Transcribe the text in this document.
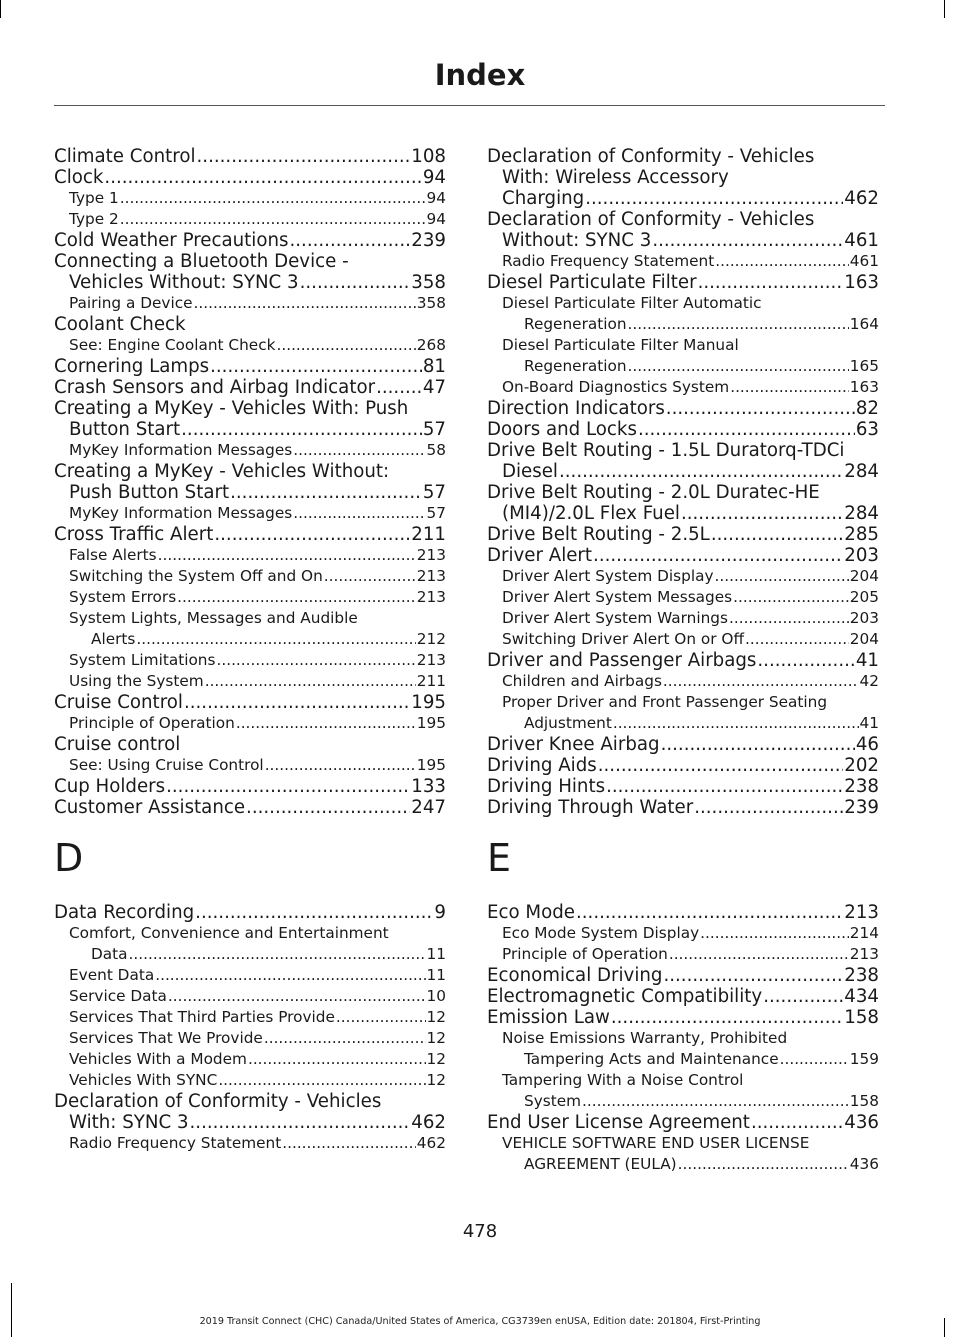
Index
Climate Control .....	108
Clock .....	94
Type 1 .....	94
Type 2 .....	94
Cold Weather Precautions .....	239
Connecting a Bluetooth Device -
Vehicles Without: SYNC 3 .....	358
Pairing a Device .....	358
Coolant Check
See: Engine Coolant Check .....	268
Cornering Lamps .....	81
Crash Sensors and Airbag Indicator .....	47
Creating a MyKey - Vehicles With: Push
Button Start .....	57
MyKey Information Messages .....	58
Creating a MyKey - Vehicles Without:
Push Button Start .....	57
MyKey Information Messages .....	57
Cross Traffic Alert .....	211
False Alerts .....	213
Switching the System Off and On .....	213
System Errors .....	213
System Lights, Messages and Audible
Alerts .....	212
System Limitations .....	213
Using the System .....	211
Cruise Control .....	195
Principle of Operation .....	195
Cruise control
See: Using Cruise Control .....	195
Cup Holders .....	133
Customer Assistance .....	247
D
Data Recording .....	9
Comfort, Convenience and Entertainment
Data .....	11
Event Data .....	11
Service Data .....	10
Services That Third Parties Provide .....	12
Services That We Provide .....	12
Vehicles With a Modem .....	12
Vehicles With SYNC .....	12
Declaration of Conformity - Vehicles
With: SYNC 3 .....	462
Radio Frequency Statement .....	462
Declaration of Conformity - Vehicles
With: Wireless Accessory
Charging .....	462
Declaration of Conformity - Vehicles
Without: SYNC 3 .....	461
Radio Frequency Statement .....	461
Diesel Particulate Filter .....	163
Diesel Particulate Filter Automatic
Regeneration .....	164
Diesel Particulate Filter Manual
Regeneration .....	165
On-Board Diagnostics System .....	163
Direction Indicators .....	82
Doors and Locks .....	63
Drive Belt Routing - 1.5L Duratorq-TDCi
Diesel .....	284
Drive Belt Routing - 2.0L Duratec-HE
(MI4)/2.0L Flex Fuel .....	284
Drive Belt Routing - 2.5L .....	285
Driver Alert .....	203
Driver Alert System Display .....	204
Driver Alert System Messages .....	205
Driver Alert System Warnings .....	203
Switching Driver Alert On or Off .....	204
Driver and Passenger Airbags .....	41
Children and Airbags .....	42
Proper Driver and Front Passenger Seating
Adjustment .....	41
Driver Knee Airbag .....	46
Driving Aids .....	202
Driving Hints .....	238
Driving Through Water .....	239
E
Eco Mode .....	213
Eco Mode System Display .....	214
Principle of Operation .....	213
Economical Driving .....	238
Electromagnetic Compatibility .....	434
Emission Law .....	158
Noise Emissions Warranty, Prohibited
Tampering Acts and Maintenance .....	159
Tampering With a Noise Control
System .....	158
End User License Agreement .....	436
VEHICLE SOFTWARE END USER LICENSE
AGREEMENT (EULA) .....	436
478
2019 Transit Connect (CHC) Canada/United States of America, CG3739en enUSA, Edition date: 201804, First-Printing
